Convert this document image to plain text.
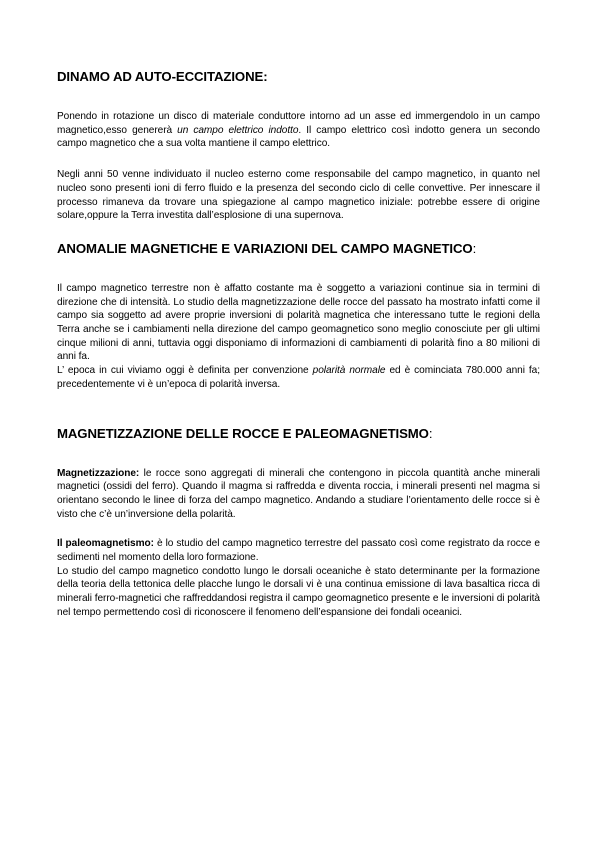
DINAMO AD AUTO-ECCITAZIONE:

Ponendo in rotazione un disco di materiale conduttore intorno ad un asse ed immergendolo in un campo magnetico,esso genererà un campo elettrico indotto. Il campo elettrico così indotto genera un secondo campo magnetico che a sua volta mantiene il campo elettrico.

Negli anni 50 venne individuato il nucleo esterno come responsabile del campo magnetico, in quanto nel nucleo sono presenti ioni di ferro fluido e la presenza del secondo ciclo di celle convettive. Per innescare il processo rimaneva da trovare una spiegazione al campo magnetico iniziale: potrebbe essere di origine solare,oppure la Terra investita dall’esplosione di una supernova.

ANOMALIE MAGNETICHE E VARIAZIONI DEL CAMPO MAGNETICO:

Il campo magnetico terrestre non è affatto costante ma è soggetto a variazioni continue sia in termini di direzione che di intensità. Lo studio della magnetizzazione delle rocce del passato ha mostrato infatti come il campo sia soggetto ad avere proprie inversioni di polarità magnetica che interessano tutte le regioni della Terra anche se i cambiamenti nella direzione del campo geomagnetico sono meglio conosciute per gli ultimi cinque milioni di anni, tuttavia oggi disponiamo di informazioni di cambiamenti di polarità fino a 80 milioni di anni fa.

L’ epoca in cui viviamo oggi è definita per convenzione polarità normale ed è cominciata 780.000 anni fa; precedentemente vi è un’epoca di polarità inversa.

MAGNETIZZAZIONE DELLE ROCCE E PALEOMAGNETISMO:

Magnetizzazione: le rocce sono aggregati di minerali che contengono in piccola quantità anche minerali magnetici (ossidi del ferro). Quando il magma si raffredda e diventa roccia, i minerali presenti nel magma si orientano secondo le linee di forza del campo magnetico. Andando a studiare l’orientamento delle rocce si è visto che c’è un’inversione della polarità.

Il paleomagnetismo: è lo studio del campo magnetico terrestre del passato così come registrato da rocce e sedimenti nel momento della loro formazione.

Lo studio del campo magnetico condotto lungo le dorsali oceaniche è stato determinante per la formazione della teoria della tettonica delle placche lungo le dorsali vi è una continua emissione di lava basaltica ricca di minerali ferro-magnetici che raffreddandosi registra il campo geomagnetico presente e le inversioni di polarità nel tempo permettendo così di riconoscere il fenomeno dell’espansione dei fondali oceanici.
